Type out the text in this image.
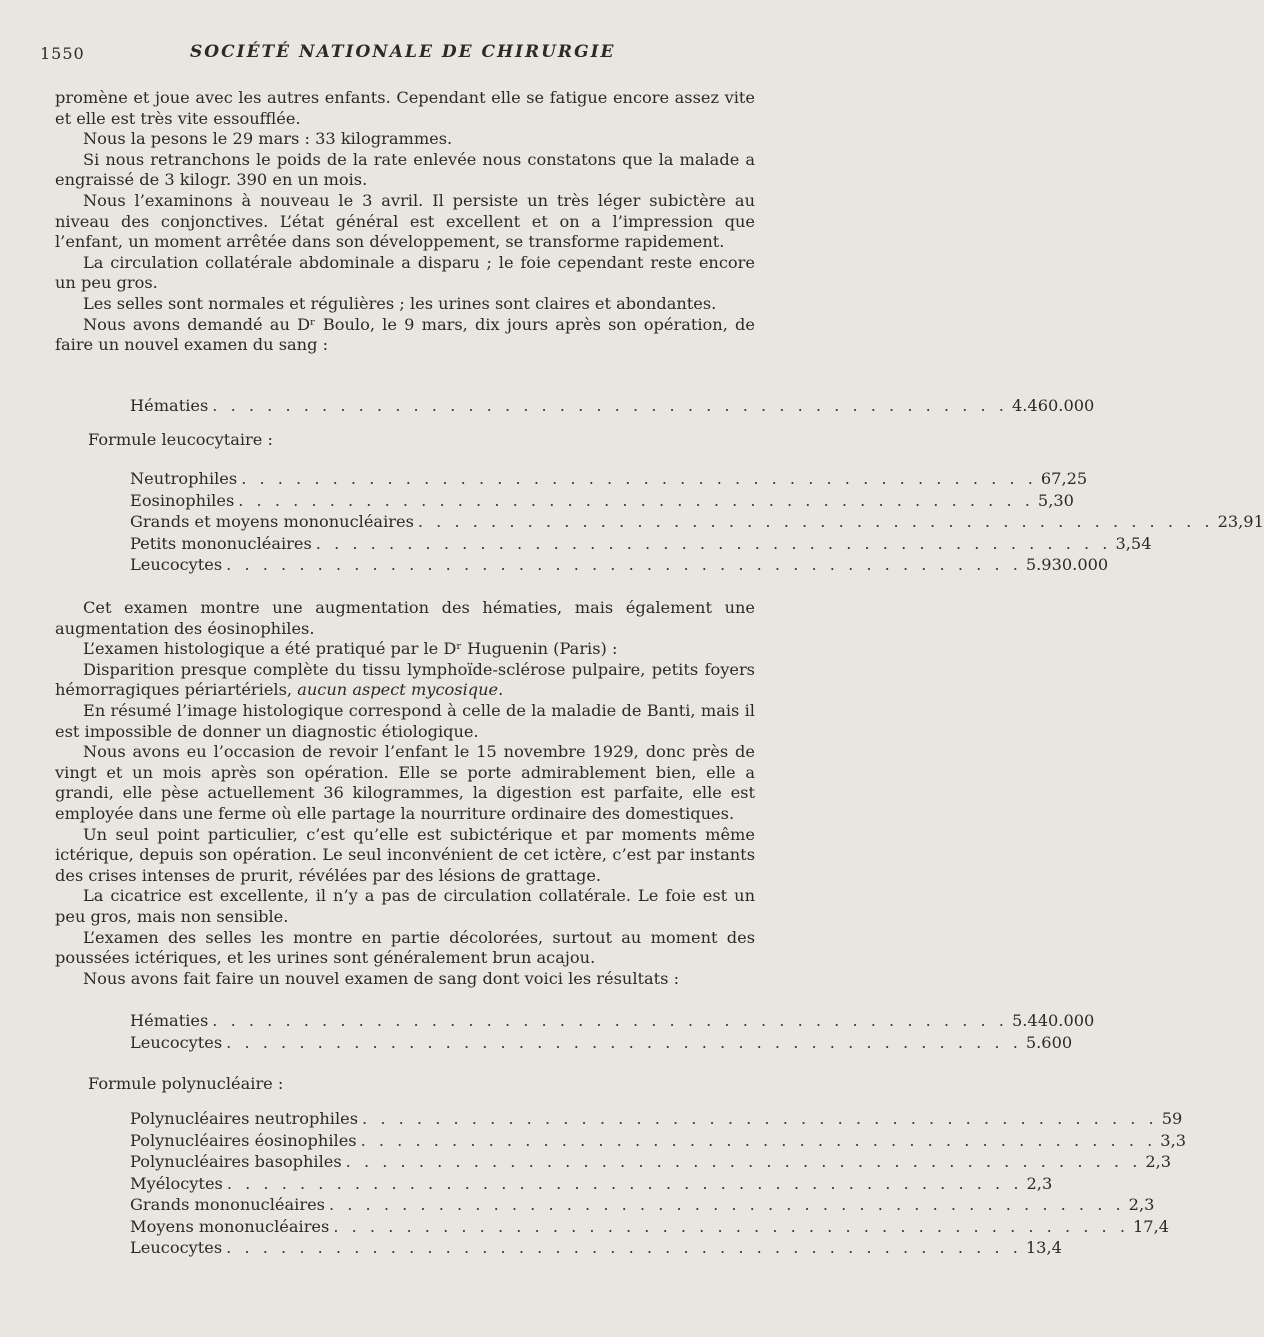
1550	SOCIÉTÉ NATIONALE DE CHIRURGIE

promène et joue avec les autres enfants. Cependant elle se fatigue encore assez vite et elle est très vite essoufflée.

Nous la pesons le 29 mars : 33 kilogrammes.

Si nous retranchons le poids de la rate enlevée nous constatons que la malade a engraissé de 3 kilogr. 390 en un mois.

Nous l’examinons à nouveau le 3 avril. Il persiste un très léger subictère au niveau des conjonctives. L’état général est excellent et on a l’impression que l’enfant, un moment arrêtée dans son développement, se transforme rapidement.

La circulation collatérale abdominale a disparu ; le foie cependant reste encore un peu gros.

Les selles sont normales et régulières ; les urines sont claires et abondantes.

Nous avons demandé au Dʳ Boulo, le 9 mars, dix jours après son opération, de faire un nouvel examen du sang :

Hématies . . . . . . . . . . . . . . . . . . . . . . . . . . . . . . . . . . . . . . . . . . . . 4.460.000
Formule leucocytaire :
Neutrophiles . . . . . . . . . . . . . . . . . . . . . . . . . . . . . . . . . . . . . . . . . . . . 67,25
Eosinophiles . . . . . . . . . . . . . . . . . . . . . . . . . . . . . . . . . . . . . . . . . . . . 5,30
Grands et moyens mononucléaires . . . . . . . . . . . . . . . . . . . . . . . . . . . . . . . . . . . . . . . . . . . . 23,91
Petits mononucléaires . . . . . . . . . . . . . . . . . . . . . . . . . . . . . . . . . . . . . . . . . . . . 3,54
Leucocytes . . . . . . . . . . . . . . . . . . . . . . . . . . . . . . . . . . . . . . . . . . . . 5.930.000

Cet examen montre une augmentation des hématies, mais également une augmentation des éosinophiles.

L’examen histologique a été pratiqué par le Dʳ Huguenin (Paris) :

Disparition presque complète du tissu lymphoïde-sclérose pulpaire, petits foyers hémorragiques périartériels, aucun aspect mycosique.

En résumé l’image histologique correspond à celle de la maladie de Banti, mais il est impossible de donner un diagnostic étiologique.

Nous avons eu l’occasion de revoir l’enfant le 15 novembre 1929, donc près de vingt et un mois après son opération. Elle se porte admirablement bien, elle a grandi, elle pèse actuellement 36 kilogrammes, la digestion est parfaite, elle est employée dans une ferme où elle partage la nourriture ordinaire des domestiques.

Un seul point particulier, c’est qu’elle est subictérique et par moments même ictérique, depuis son opération. Le seul inconvénient de cet ictère, c’est par instants des crises intenses de prurit, révélées par des lésions de grattage.

La cicatrice est excellente, il n’y a pas de circulation collatérale. Le foie est un peu gros, mais non sensible.

L’examen des selles les montre en partie décolorées, surtout au moment des poussées ictériques, et les urines sont généralement brun acajou.

Nous avons fait faire un nouvel examen de sang dont voici les résultats :

Hématies . . . . . . . . . . . . . . . . . . . . . . . . . . . . . . . . . . . . . . . . . . . . 5.440.000
Leucocytes . . . . . . . . . . . . . . . . . . . . . . . . . . . . . . . . . . . . . . . . . . . . 5.600
Formule polynucléaire :
Polynucléaires neutrophiles . . . . . . . . . . . . . . . . . . . . . . . . . . . . . . . . . . . . . . . . . . . . 59
Polynucléaires éosinophiles . . . . . . . . . . . . . . . . . . . . . . . . . . . . . . . . . . . . . . . . . . . . 3,3
Polynucléaires basophiles . . . . . . . . . . . . . . . . . . . . . . . . . . . . . . . . . . . . . . . . . . . . 2,3
Myélocytes . . . . . . . . . . . . . . . . . . . . . . . . . . . . . . . . . . . . . . . . . . . . 2,3
Grands mononucléaires . . . . . . . . . . . . . . . . . . . . . . . . . . . . . . . . . . . . . . . . . . . . 2,3
Moyens mononucléaires . . . . . . . . . . . . . . . . . . . . . . . . . . . . . . . . . . . . . . . . . . . . 17,4
Leucocytes . . . . . . . . . . . . . . . . . . . . . . . . . . . . . . . . . . . . . . . . . . . . 13,4
